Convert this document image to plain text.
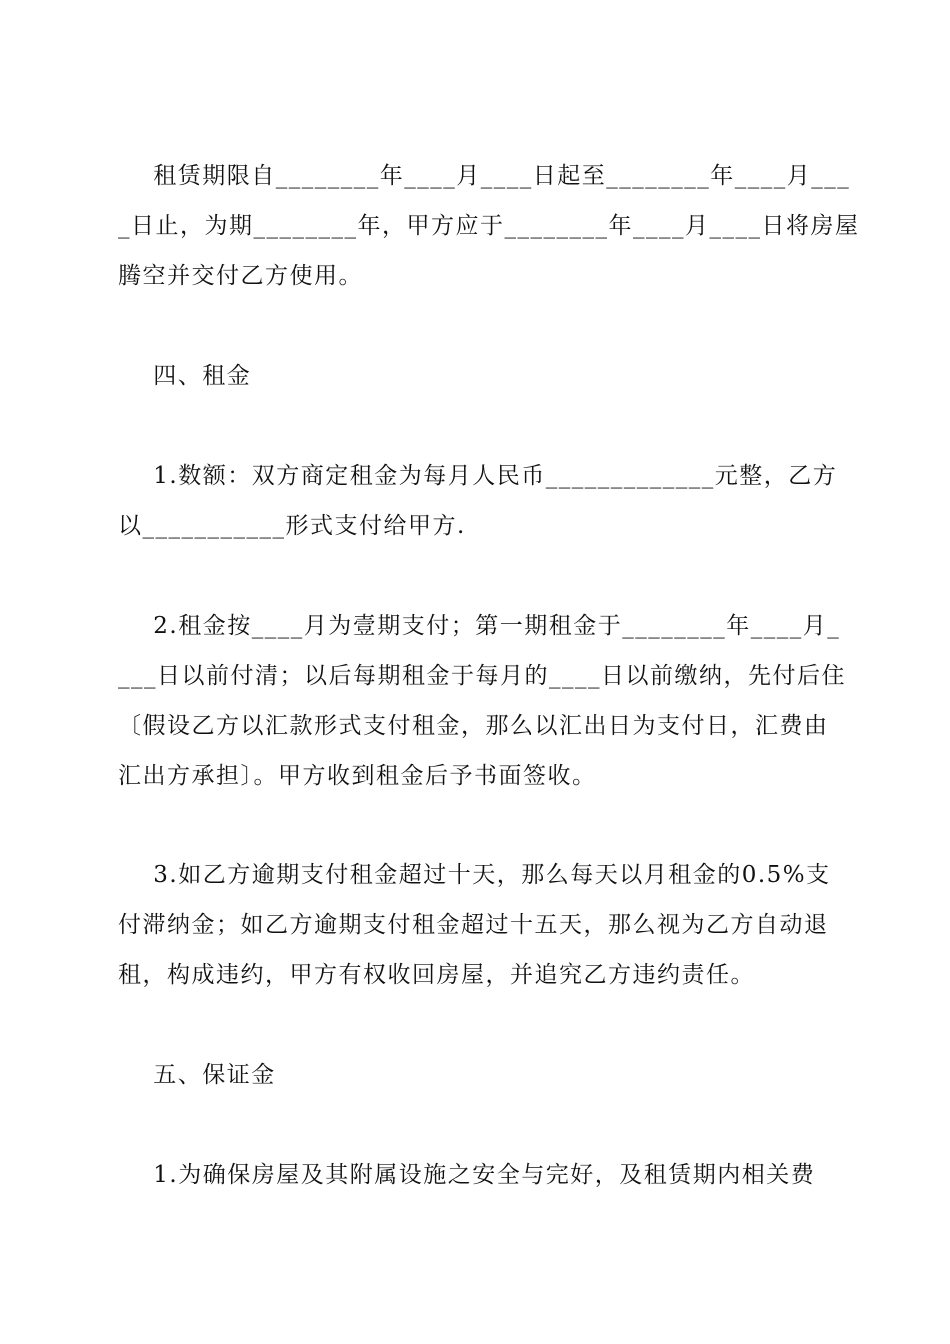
租赁期限自________年____月____日起至________年____月___
_日止，为期________年，甲方应于________年____月____日将房屋
腾空并交付乙方使用。
四、租金
1.数额：双方商定租金为每月人民币_____________元整，乙方
以___________形式支付给甲方.
2.租金按____月为壹期支付；第一期租金于________年____月_
___日以前付清；以后每期租金于每月的____日以前缴纳，先付后住
〔假设乙方以汇款形式支付租金，那么以汇出日为支付日，汇费由
汇出方承担〕。甲方收到租金后予书面签收。
3.如乙方逾期支付租金超过十天，那么每天以月租金的0.5%支
付滞纳金；如乙方逾期支付租金超过十五天，那么视为乙方自动退
租，构成违约，甲方有权收回房屋，并追究乙方违约责任。
五、保证金
1.为确保房屋及其附属设施之安全与完好，及租赁期内相关费
